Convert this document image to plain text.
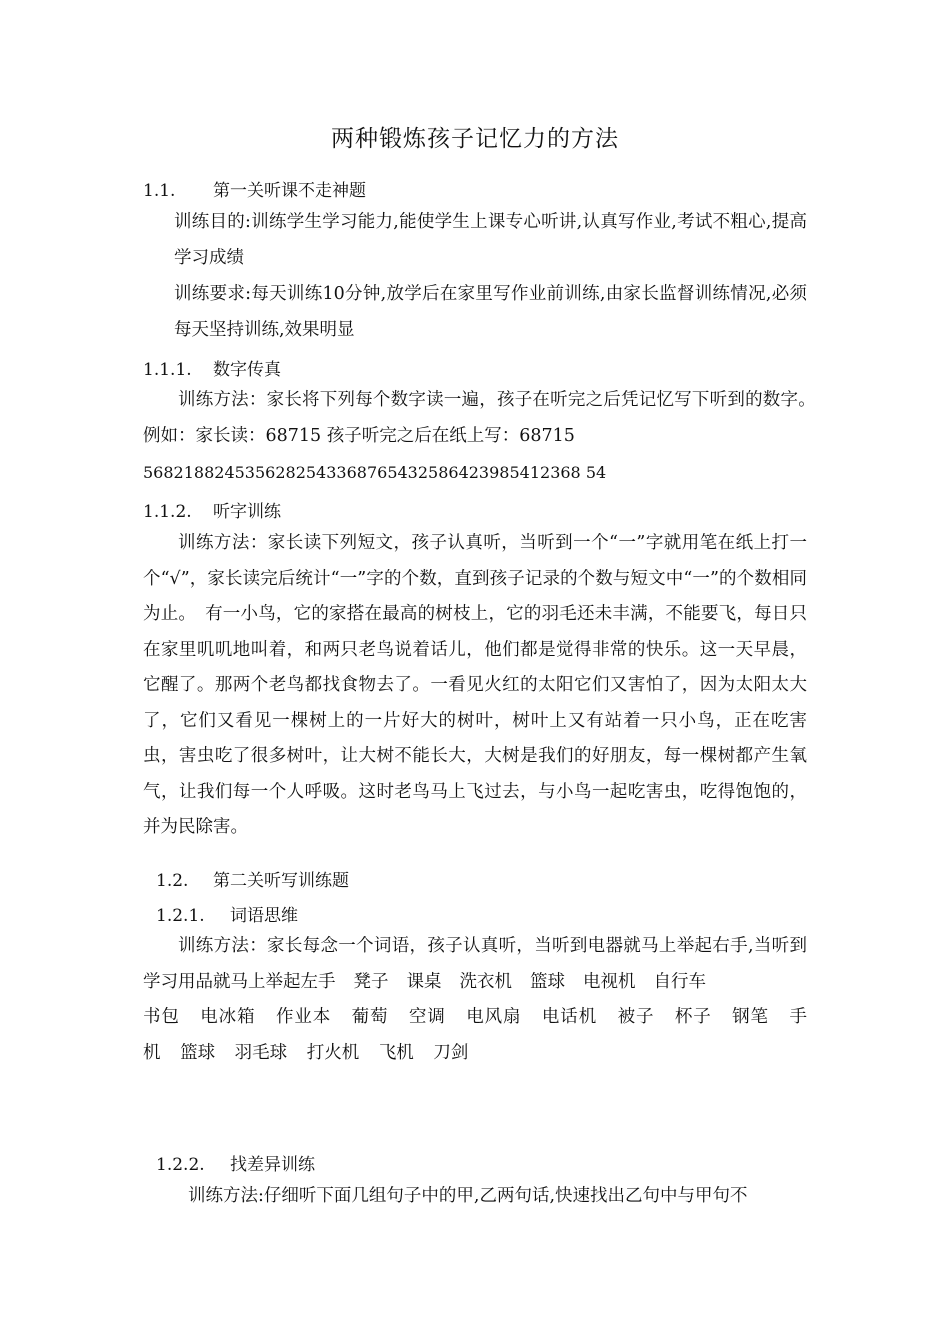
两种锻炼孩子记忆力的方法
1.1. 第一关听课不走神题

训练目的:训练学生学习能力,能使学生上课专心听讲,认真写作业,考试不粗心,提高学习成绩

训练要求:每天训练10分钟,放学后在家里写作业前训练,由家长监督训练情况,必须每天坚持训练,效果明显

1.1.1. 数字传真

训练方法：家长将下列每个数字读一遍，孩子在听完之后凭记忆写下听到的数字。　例如：家长读：68715 孩子听完之后在纸上写：68715

5682188245356282543368765432586423985412368 54

1.1.2. 听字训练

训练方法：家长读下列短文，孩子认真听，当听到一个“一”字就用笔在纸上打一个“√”，家长读完后统计“一”字的个数，直到孩子记录的个数与短文中“一”的个数相同为止。　有一小鸟，它的家搭在最高的树枝上，它的羽毛还未丰满，不能要飞，每日只在家里叽叽地叫着，和两只老鸟说着话儿，他们都是觉得非常的快乐。这一天早晨，它醒了。那两个老鸟都找食物去了。一看见火红的太阳它们又害怕了，因为太阳太大了，它们又看见一棵树上的一片好大的树叶，树叶上又有站着一只小鸟，正在吃害虫，害虫吃了很多树叶，让大树不能长大，大树是我们的好朋友，每一棵树都产生氧气，让我们每一个人呼吸。这时老鸟马上飞过去，与小鸟一起吃害虫，吃得饱饱的，并为民除害。

1.2. 第二关听写训练题
1.2.1. 词语思维

训练方法：家长每念一个词语，孩子认真听，当听到电器就马上举起右手,当听到学习用品就马上举起左手 凳子 课桌 洗衣机 篮球 电视机 自行车

书包 电冰箱 作业本 葡萄 空调 电风扇 电话机 被子 杯子 钢笔 手机 篮球 羽毛球 打火机 飞机 刀剑

1.2.2. 找差异训练

训练方法:仔细听下面几组句子中的甲,乙两句话,快速找出乙句中与甲句不
